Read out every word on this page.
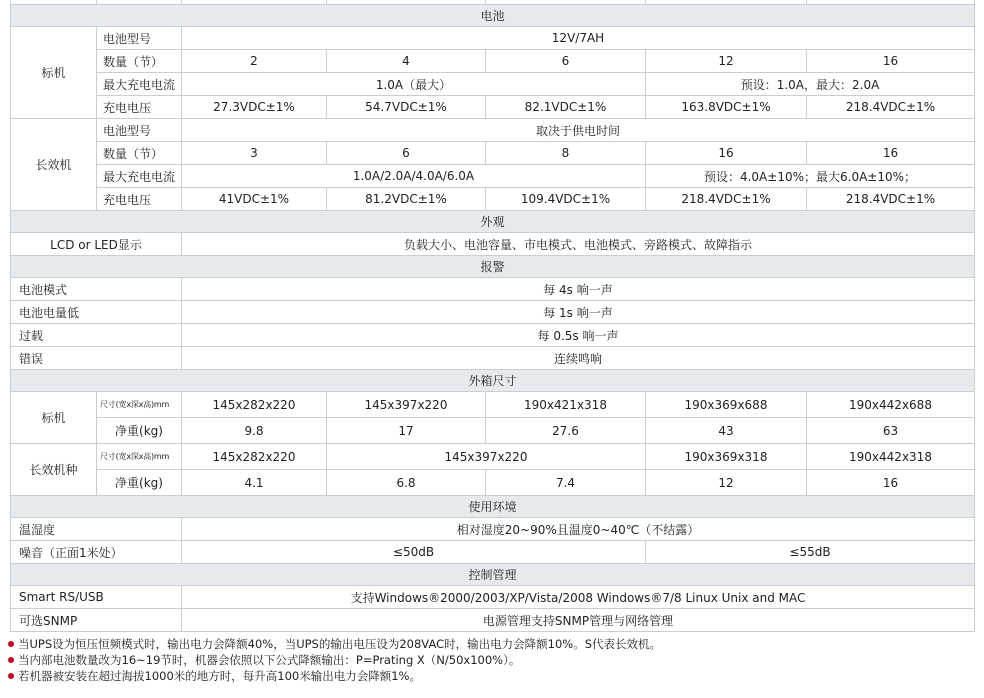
电池						
标机	电池型号	12V/7AH				
	数量（节）	2	4	6	12	16
	最大充电电流	1.0A（最大）			预设：1.0A，最大：2.0A	
	充电电压	27.3VDC±1%	54.7VDC±1%	82.1VDC±1%	163.8VDC±1%	218.4VDC±1%
长效机	电池型号	取决于供电时间				
	数量（节）	3	6	8	16	16
	最大充电电流	1.0A/2.0A/4.0A/6.0A			预设：4.0A±10%；最大6.0A±10%；	
	充电电压	41VDC±1%	81.2VDC±1%	109.4VDC±1%	218.4VDC±1%	218.4VDC±1%
外观						
LCD or LED显示		负载大小、电池容量、市电模式、电池模式、旁路模式、故障指示				
报警						
电池模式		每 4s 响一声				
电池电量低		每 1s 响一声				
过载		每 0.5s 响一声				
错误		连续鸣响				
外箱尺寸						
标机	尺寸(宽x深x高)mm	145x282x220	145x397x220	190x421x318	190x369x688	190x442x688
	净重(kg)	9.8	17	27.6	43	63
长效机种	尺寸(宽x深x高)mm	145x282x220	145x397x220		190x369x318	190x442x318
	净重(kg)	4.1	6.8	7.4	12	16
使用环境						
温湿度		相对湿度20~90%且温度0~40℃（不结露）				
噪音（正面1米处）		≤50dB			≤55dB	
控制管理						
Smart RS/USB		支持Windows®2000/2003/XP/Vista/2008 Windows®7/8 Linux Unix and MAC				
可选SNMP		电源管理支持SNMP管理与网络管理				
当UPS设为恒压恒频模式时，输出电力会降额40%，当UPS的输出电压设为208VAC时，输出电力会降额10%。S代表长效机。
当内部电池数量改为16~19节时，机器会依照以下公式降额输出：P=Prating X（N/50x100%）。
若机器被安装在超过海拔1000米的地方时，每升高100米输出电力会降额1%。
